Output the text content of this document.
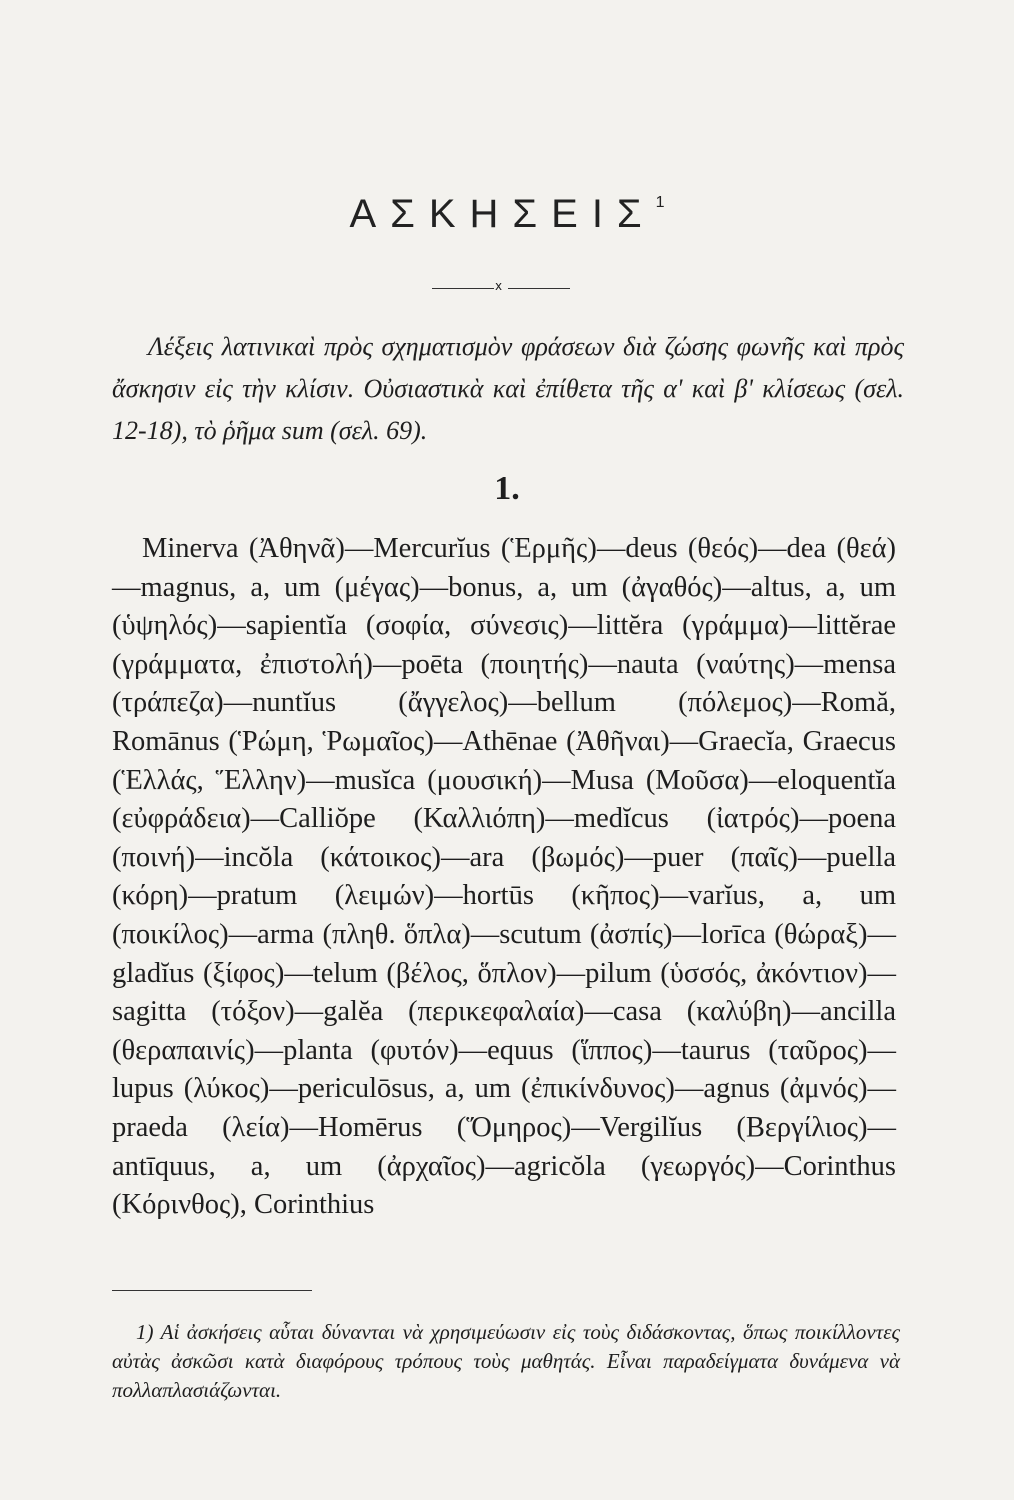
ΑΣΚΗΣΕΙΣ$^1$
x
Λέξεις λατινικαὶ πρὸς σχηματισμὸν φράσεων διὰ ζώσης φωνῆς καὶ πρὸς ἄσκησιν εἰς τὴν κλίσιν. Οὐσιαστικὰ καὶ ἐπίθετα τῆς α' καὶ β' κλίσεως (σελ. 12-18), τὸ ῥῆμα sum (σελ. 69).
1.

Minerva (Ἀθηνᾶ)—Mercurĭus (Ἑρμῆς)—deus (θεός)—dea (θεά)—magnus, a, um (μέγας)—bonus, a, um (ἀγαθός)—altus, a, um (ὑψηλός)—sapientĭa (σοφία, σύνεσις)—littĕra (γράμμα)—littĕrae (γράμματα, ἐπιστολή)—poēta (ποιητής)—nauta (ναύτης)—mensa (τράπεζα)—nuntĭus (ἄγγελος)—bellum (πόλεμος)—Romă, Romānus (Ῥώμη, Ῥωμαῖος)—Athēnae (Ἀθῆναι)—Graecĭa, Graecus (Ἑλλάς, Ἕλλην)—musĭca (μουσική)—Musa (Μοῦσα)—eloquentĭa (εὐφράδεια)—Calliŏpe (Καλλιόπη)—medĭcus (ἰατρός)—poena (ποινή)—incŏla (κάτοικος)—ara (βωμός)—puer (παῖς)—puella (κόρη)—pratum (λειμών)—hortūs (κῆπος)—varĭus, a, um (ποικίλος)—arma (πληθ. ὅπλα)—scutum (ἀσπίς)—lorīca (θώραξ)—gladĭus (ξίφος)—telum (βέλος, ὅπλον)—pilum (ὑσσός, ἀκόντιον)—sagitta (τόξον)—galĕa (περικεφαλαία)—casa (καλύβη)—ancilla (θεραπαινίς)—planta (φυτόν)—equus (ἵππος)—taurus (ταῦρος)—lupus (λύκος)—periculōsus, a, um (ἐπικίνδυνος)—agnus (ἀμνός)—praeda (λεία)—Homērus (Ὅμηρος)—Vergilĭus (Βεργίλιος)—antīquus, a, um (ἀρχαῖος)—agricŏla (γεωργός)—Corinthus (Κόρινθος), Corinthius

1) Αἱ ἀσκήσεις αὗται δύνανται νὰ χρησιμεύωσιν εἰς τοὺς διδάσκοντας, ὅπως ποικίλλοντες αὐτὰς ἀσκῶσι κατὰ διαφόρους τρόπους τοὺς μαθητάς. Εἶναι παραδείγματα δυνάμενα νὰ πολλαπλασιάζωνται.
